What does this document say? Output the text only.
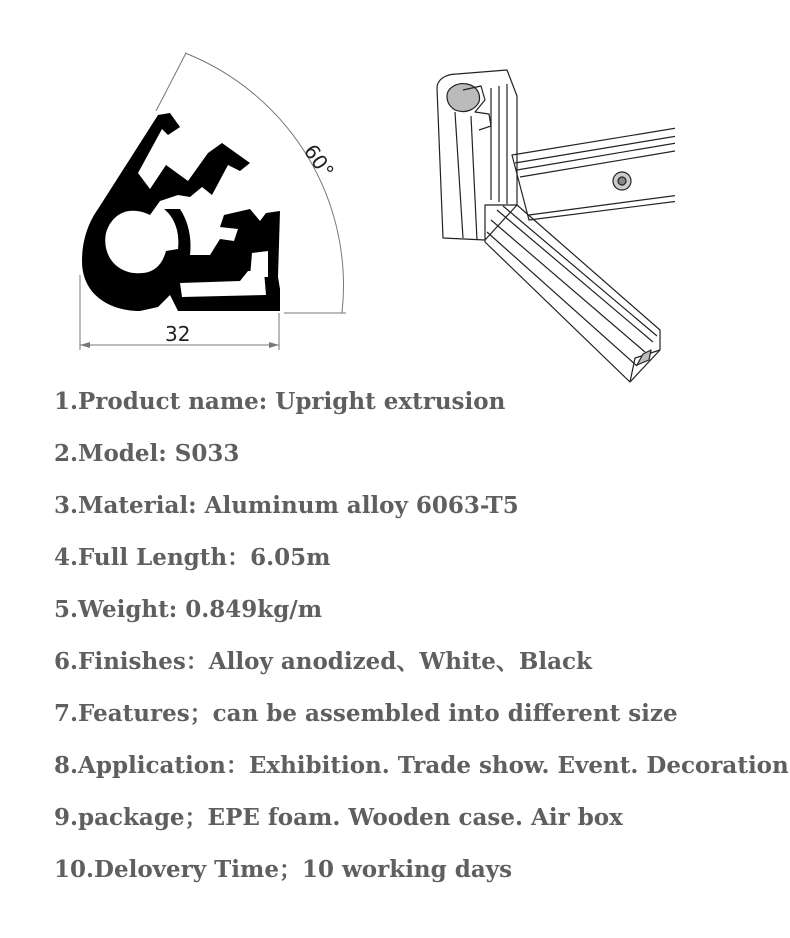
60°
32
1.Product name: Upright extrusion
2.Model: S033
3.Material: Aluminum alloy 6063-T5
4.Full Length：6.05m
5.Weight: 0.849kg/m
6.Finishes：Alloy anodized、White、Black
7.Features；can be assembled into different size
8.Application：Exhibition. Trade show. Event. Decoration
9.package；EPE foam. Wooden case. Air box
10.Delovery Time；10 working days
